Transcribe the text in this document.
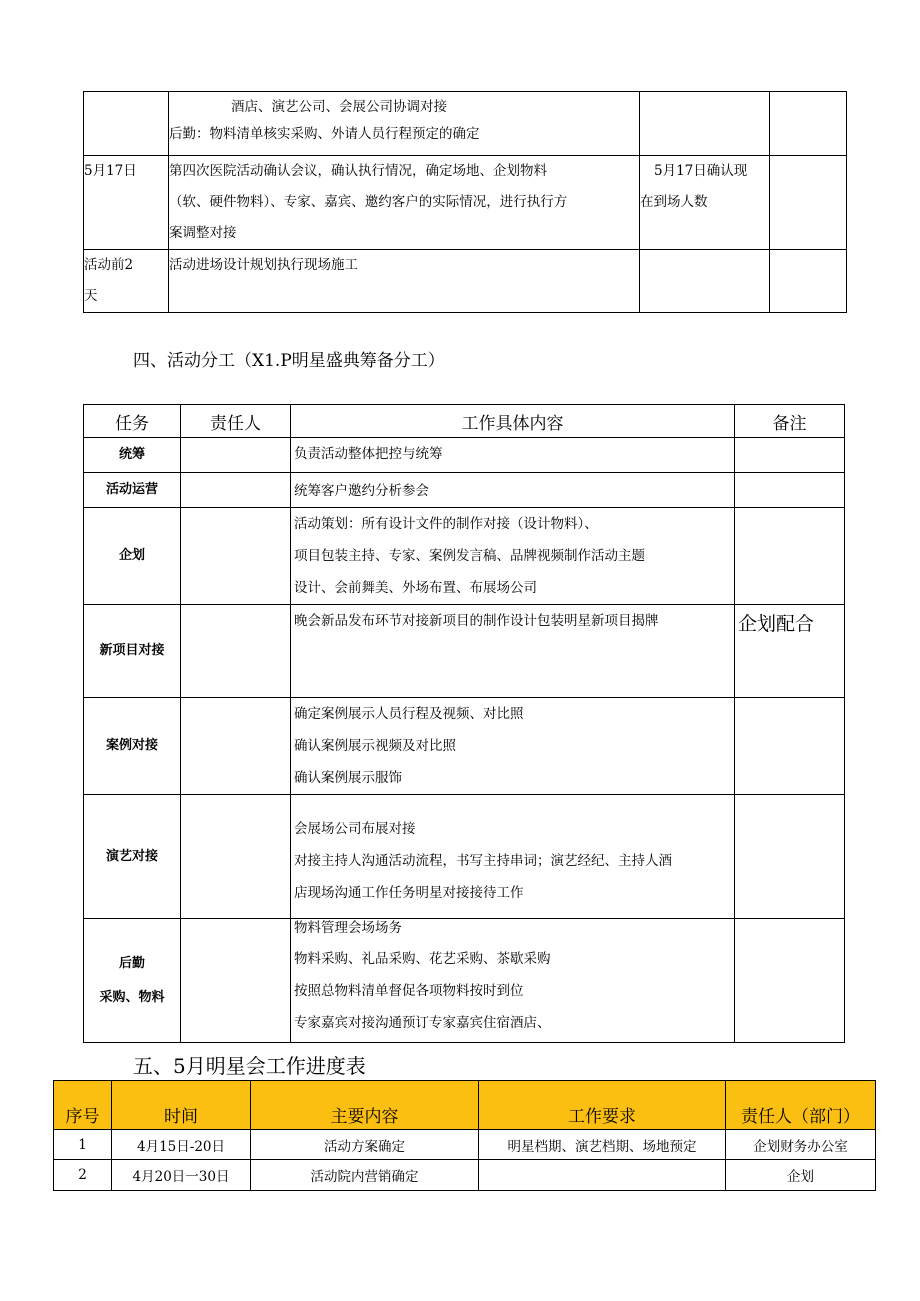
	酒店、演艺公司、会展公司协调对接
后勤：物料清单核实采购、外请人员行程预定的确定		

5月17日	第四次医院活动确认会议，确认执行情况，确定场地、企划物料
（软、硬件物料）、专家、嘉宾、邀约客户的实际情况，进行执行方
案调整对接	5月17日确认现
在到场人数	

活动前2
天	活动进场设计规划执行现场施工		

四、活动分工（X1.P明星盛典筹备分工）
任务	责任人	工作具体内容	备注
统筹		负责活动整体把控与统筹	

活动运营		统筹客户邀约分析参会	

企划		活动策划：所有设计文件的制作对接（设计物料）、
项目包装主持、专家、案例发言稿、品牌视频制作活动主题
设计、会前舞美、外场布置、布展场公司	

新项目对接		晚会新品发布环节对接新项目的制作设计包装明星新项目揭牌	企划配合
案例对接		确定案例展示人员行程及视频、对比照
确认案例展示视频及对比照
确认案例展示服饰	

演艺对接		会展场公司布展对接
对接主持人沟通活动流程，书写主持串词；演艺经纪、主持人酒
店现场沟通工作任务明星对接接待工作	

后勤
采购、物料		物料管理会场场务
物料采购、礼品采购、花艺采购、茶歇采购
按照总物料清单督促各项物料按时到位
专家嘉宾对接沟通预订专家嘉宾住宿酒店、	

五、5月明星会工作进度表
序号	时间	主要内容	工作要求	责任人（部门）
1	4月15日-20日	活动方案确定	明星档期、演艺档期、场地预定	企划财务办公室
2	4月20日一30日	活动院内营销确定		企划
